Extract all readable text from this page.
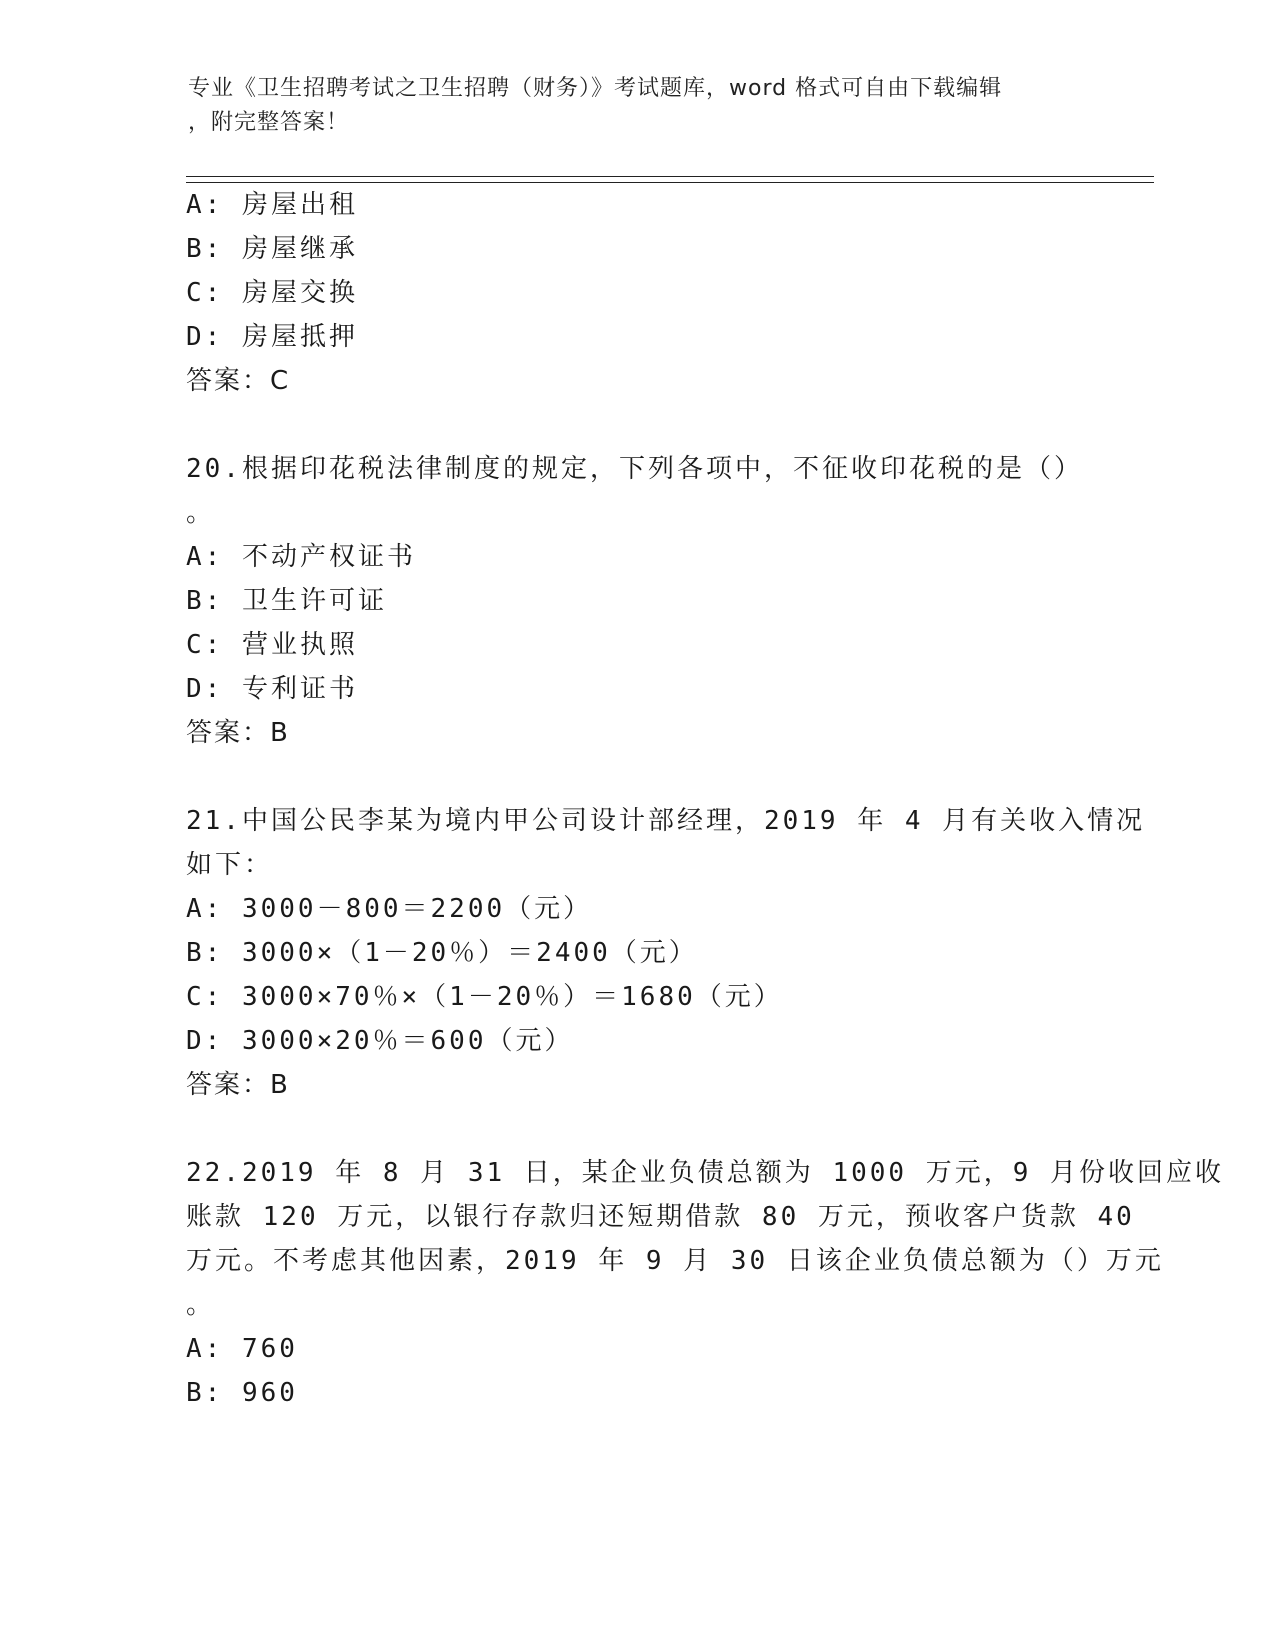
专业《卫生招聘考试之卫生招聘（财务）》考试题库，word 格式可自由下载编辑
，附完整答案！
A: 房屋出租
B: 房屋继承
C: 房屋交换
D: 房屋抵押
答案：C
20.根据印花税法律制度的规定，下列各项中，不征收印花税的是（）
。
A: 不动产权证书
B: 卫生许可证
C: 营业执照
D: 专利证书
答案：B
21.中国公民李某为境内甲公司设计部经理，2019 年 4 月有关收入情况
如下：
A: 3000－800＝2200（元）
B: 3000×（1－20％）＝2400（元）
C: 3000×70％×（1－20％）＝1680（元）
D: 3000×20％＝600（元）
答案：B
22.2019 年 8 月 31 日，某企业负债总额为 1000 万元，9 月份收回应收
账款 120 万元，以银行存款归还短期借款 80 万元，预收客户货款 40
万元。不考虑其他因素，2019 年 9 月 30 日该企业负债总额为（）万元
。
A: 760
B: 960
